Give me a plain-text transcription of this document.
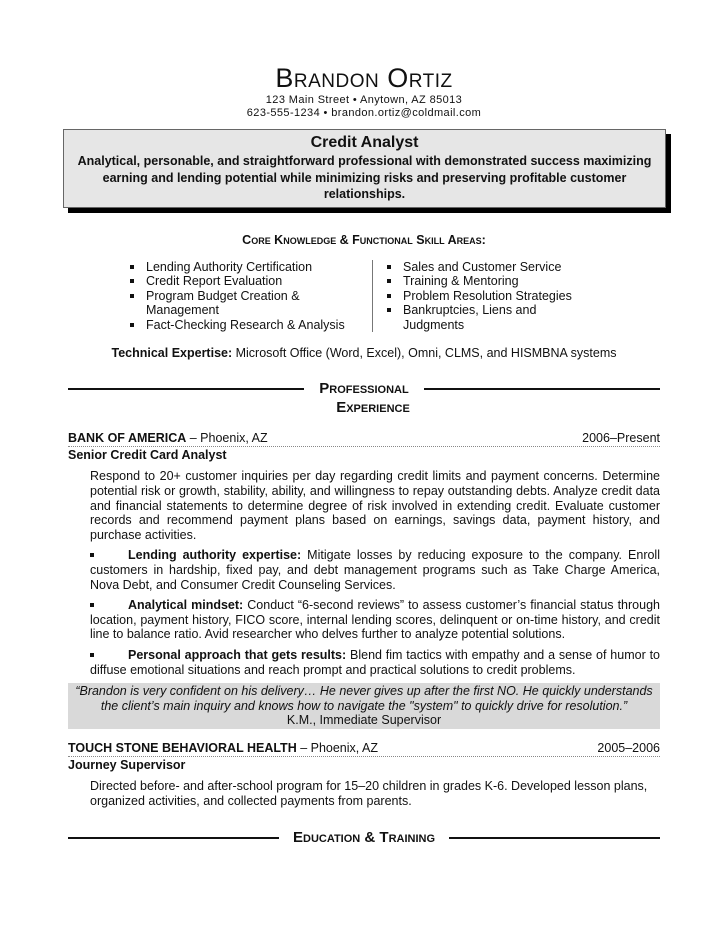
Brandon Ortiz
123 Main Street • Anytown, AZ 85013
623-555-1234 • brandon.ortiz@coldmail.com
Credit Analyst
Analytical, personable, and straightforward professional with demonstrated success maximizing earning and lending potential while minimizing risks and preserving profitable customer relationships.
Core Knowledge & Functional Skill Areas:
Lending Authority Certification
Credit Report Evaluation
Program Budget Creation & Management
Fact-Checking Research & Analysis
Sales and Customer Service
Training & Mentoring
Problem Resolution Strategies
Bankruptcies, Liens and Judgments
Technical Expertise: Microsoft Office (Word, Excel), Omni, CLMS, and HISMBNA systems
Professional
Experience
BANK OF AMERICA – Phoenix, AZ	2006–Present
Senior Credit Card Analyst
Respond to 20+ customer inquiries per day regarding credit limits and payment concerns. Determine potential risk or growth, stability, ability, and willingness to repay outstanding debts. Analyze credit data and financial statements to determine degree of risk involved in extending credit. Evaluate customer records and recommend payment plans based on earnings, savings data, payment history, and purchase activities.
Lending authority expertise: Mitigate losses by reducing exposure to the company. Enroll customers in hardship, fixed pay, and debt management programs such as Take Charge America, Nova Debt, and Consumer Credit Counseling Services.
Analytical mindset: Conduct “6-second reviews” to assess customer’s financial status through location, payment history, FICO score, internal lending scores, delinquent or on-time history, and credit line to balance ratio. Avid researcher who delves further to analyze potential solutions.
Personal approach that gets results: Blend fim tactics with empathy and a sense of humor to diffuse emotional situations and reach prompt and practical solutions to credit problems.
“Brandon is very confident on his delivery… He never gives up after the first NO. He quickly understands the client’s main inquiry and knows how to navigate the "system" to quickly drive for resolution.”
K.M., Immediate Supervisor
TOUCH STONE BEHAVIORAL HEALTH – Phoenix, AZ	2005–2006
Journey Supervisor
Directed before- and after-school program for 15–20 children in grades K-6. Developed lesson plans, organized activities, and collected payments from parents.
Education & Training
